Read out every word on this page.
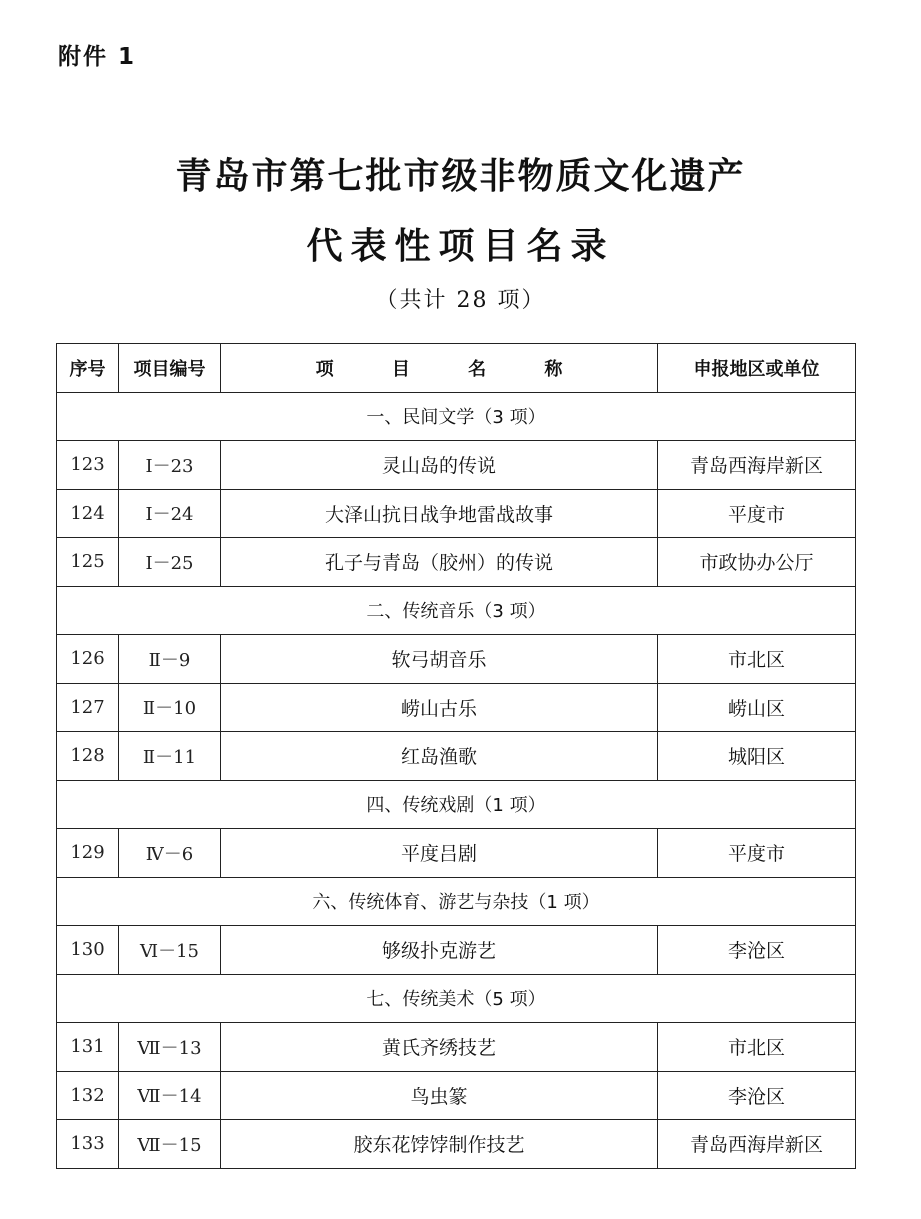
附件 1
青岛市第七批市级非物质文化遗产
代表性项目名录
（共计 28 项）
序号	项目编号	项 目 名 称	申报地区或单位
一、民间文学（3 项）			
123	Ⅰ－23	灵山岛的传说	青岛西海岸新区
124	Ⅰ－24	大泽山抗日战争地雷战故事	平度市
125	Ⅰ－25	孔子与青岛（胶州）的传说	市政协办公厅
二、传统音乐（3 项）			
126	Ⅱ－9	软弓胡音乐	市北区
127	Ⅱ－10	崂山古乐	崂山区
128	Ⅱ－11	红岛渔歌	城阳区
四、传统戏剧（1 项）			
129	Ⅳ－6	平度吕剧	平度市
六、传统体育、游艺与杂技（1 项）			
130	Ⅵ－15	够级扑克游艺	李沧区
七、传统美术（5 项）			
131	Ⅶ－13	黄氏齐绣技艺	市北区
132	Ⅶ－14	鸟虫篆	李沧区
133	Ⅶ－15	胶东花饽饽制作技艺	青岛西海岸新区
